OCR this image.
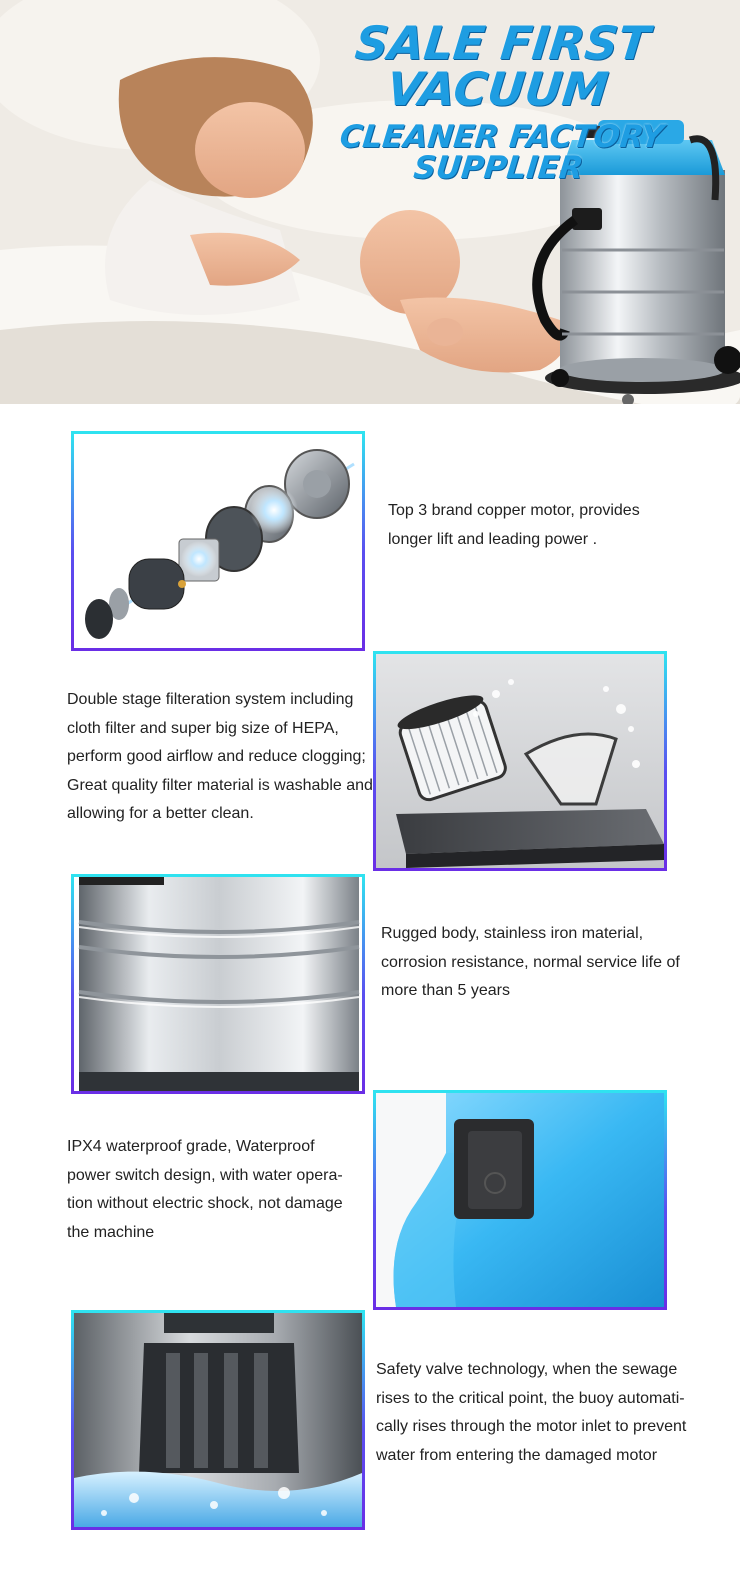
SALE FIRST VACUUM
CLEANER FACTORY SUPPLIER

Top 3 brand copper motor, provides longer lift and leading power .

Double stage filteration system including cloth filter and super big size of HEPA, perform good airflow and reduce clogging; Great quality filter material is washable and allowing for a better clean.

Rugged body, stainless iron material, corrosion resistance, normal service life of more than 5 years

IPX4 waterproof grade, Waterproof power switch design, with water opera-tion without electric shock, not damage the machine

Safety valve technology, when the sewage rises to the critical point, the buoy automati-cally rises through the motor inlet to prevent water from entering the damaged motor
